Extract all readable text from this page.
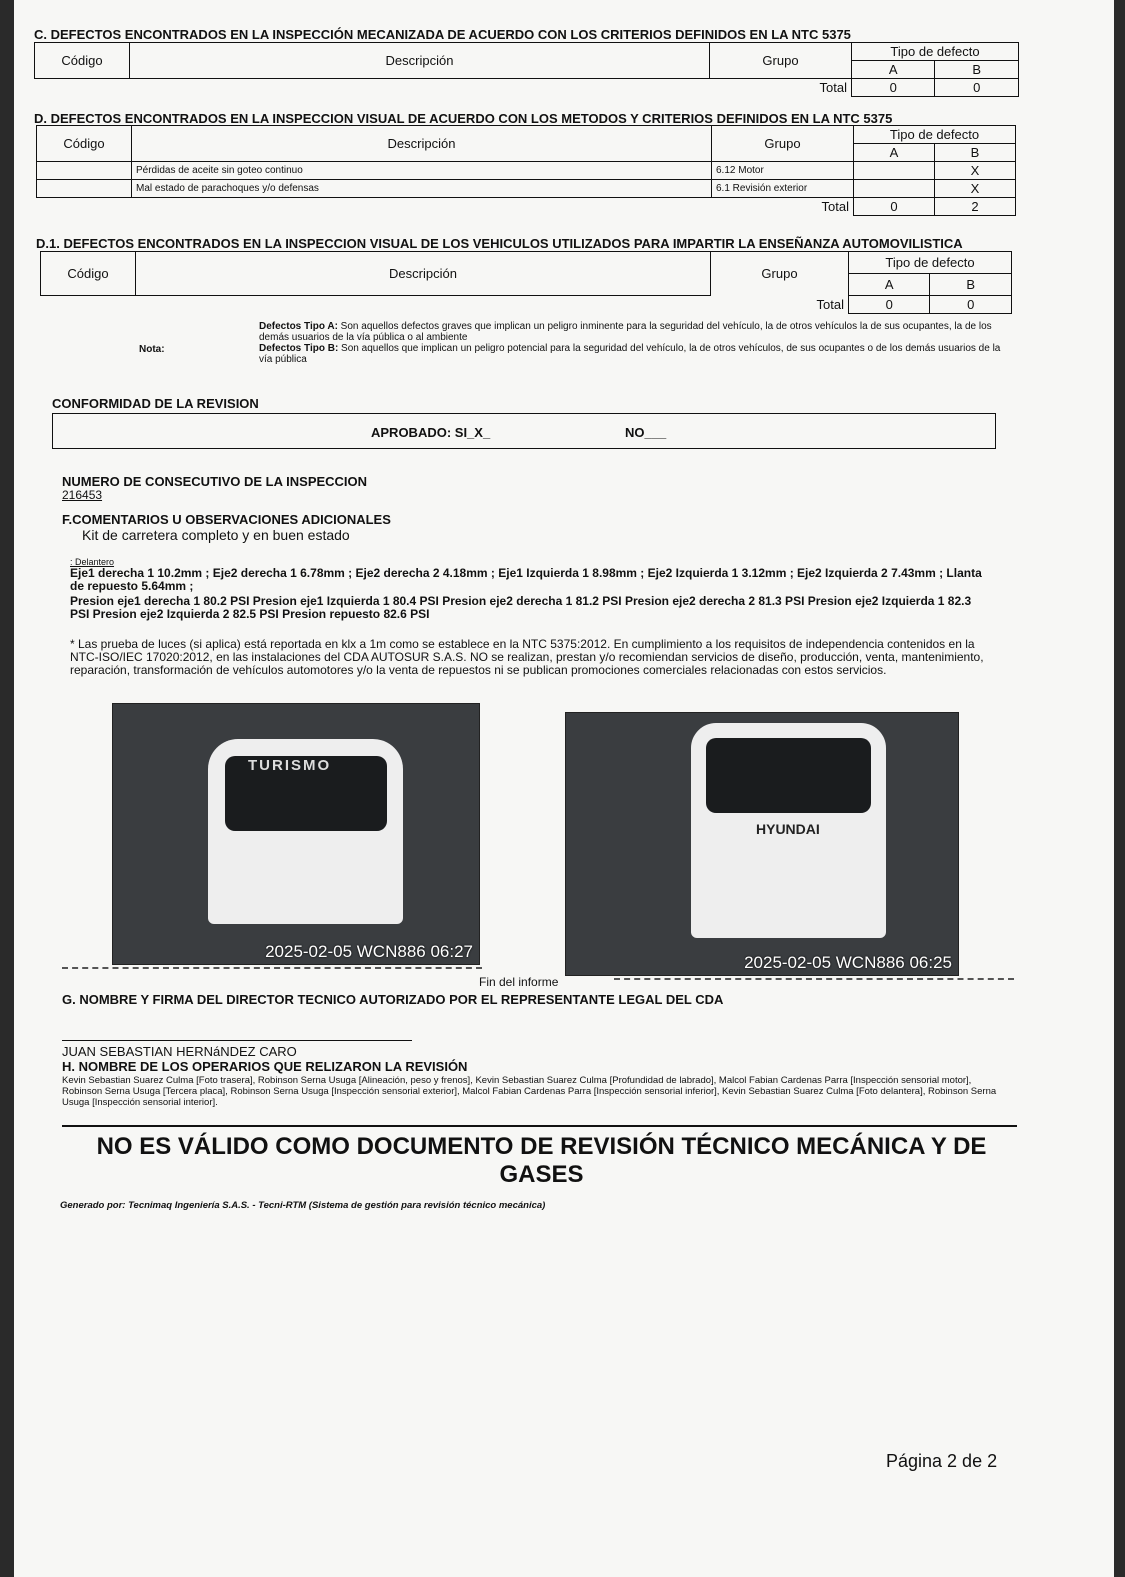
C. DEFECTOS ENCONTRADOS EN LA INSPECCIÓN MECANIZADA DE ACUERDO CON LOS CRITERIOS DEFINIDOS EN LA NTC 5375
Código	Descripción	Grupo	Tipo de defecto	
			A	B
Total			0	0
D. DEFECTOS ENCONTRADOS EN LA INSPECCION VISUAL DE ACUERDO CON LOS METODOS Y CRITERIOS DEFINIDOS EN LA NTC 5375
Código	Descripción	Grupo	Tipo de defecto	
			A	B
	Pérdidas de aceite sin goteo continuo	6.12 Motor		X
	Mal estado de parachoques y/o defensas	6.1 Revisión exterior		X
Total			0	2
D.1. DEFECTOS ENCONTRADOS EN LA INSPECCION VISUAL DE LOS VEHICULOS UTILIZADOS PARA IMPARTIR LA ENSEÑANZA AUTOMOVILISTICA
Código	Descripción	Grupo	Tipo de defecto	
			A	B
Total			0	0
Nota:
Defectos Tipo A: Son aquellos defectos graves que implican un peligro inminente para la seguridad del vehículo, la de otros vehículos la de sus ocupantes, la de los demás usuarios de la vía pública o al ambiente
Defectos Tipo B: Son aquellos que implican un peligro potencial para la seguridad del vehículo, la de otros vehículos, de sus ocupantes o de los demás usuarios de la vía pública
CONFORMIDAD DE LA REVISION
APROBADO: SI_X_	NO___
NUMERO DE CONSECUTIVO DE LA INSPECCION
216453
F.COMENTARIOS U OBSERVACIONES ADICIONALES
Kit de carretera completo y en buen estado
: Delantero
Eje1 derecha 1 10.2mm ; Eje2 derecha 1 6.78mm ; Eje2 derecha 2 4.18mm ; Eje1 Izquierda 1 8.98mm ; Eje2 Izquierda 1 3.12mm ; Eje2 Izquierda 2 7.43mm ; Llanta de repuesto 5.64mm ;
Presion eje1 derecha 1 80.2 PSI Presion eje1 Izquierda 1 80.4 PSI Presion eje2 derecha 1 81.2 PSI Presion eje2 derecha 2 81.3 PSI Presion eje2 Izquierda 1 82.3 PSI Presion eje2 Izquierda 2 82.5 PSI Presion repuesto 82.6 PSI
* Las prueba de luces (si aplica) está reportada en klx a 1m como se establece en la NTC 5375:2012. En cumplimiento a los requisitos de independencia contenidos en la NTC-ISO/IEC 17020:2012, en las instalaciones del CDA AUTOSUR S.A.S. NO se realizan, prestan y/o recomiendan servicios de diseño, producción, venta, mantenimiento, reparación, transformación de vehículos automotores y/o la venta de repuestos ni se publican promociones comerciales relacionadas con estos servicios.
TURISMO
2025-02-05 WCN886 06:27
HYUNDAI
2025-02-05 WCN886 06:25
Fin del informe
G. NOMBRE Y FIRMA DEL DIRECTOR TECNICO AUTORIZADO POR EL REPRESENTANTE LEGAL DEL CDA
JUAN SEBASTIAN HERNáNDEZ CARO
H. NOMBRE DE LOS OPERARIOS QUE RELIZARON LA REVISIÓN
Kevin Sebastian Suarez Culma [Foto trasera], Robinson Serna Usuga [Alineación, peso y frenos], Kevin Sebastian Suarez Culma [Profundidad de labrado], Malcol Fabian Cardenas Parra [Inspección sensorial motor], Robinson Serna Usuga [Tercera placa], Robinson Serna Usuga [Inspección sensorial exterior], Malcol Fabian Cardenas Parra [Inspección sensorial inferior], Kevin Sebastian Suarez Culma [Foto delantera], Robinson Serna Usuga [Inspección sensorial interior].
NO ES VÁLIDO COMO DOCUMENTO DE REVISIÓN TÉCNICO MECÁNICA Y DE GASES
Generado por: Tecnimaq Ingeniería S.A.S. - Tecni-RTM (Sistema de gestión para revisión técnico mecánica)
Página 2 de 2
